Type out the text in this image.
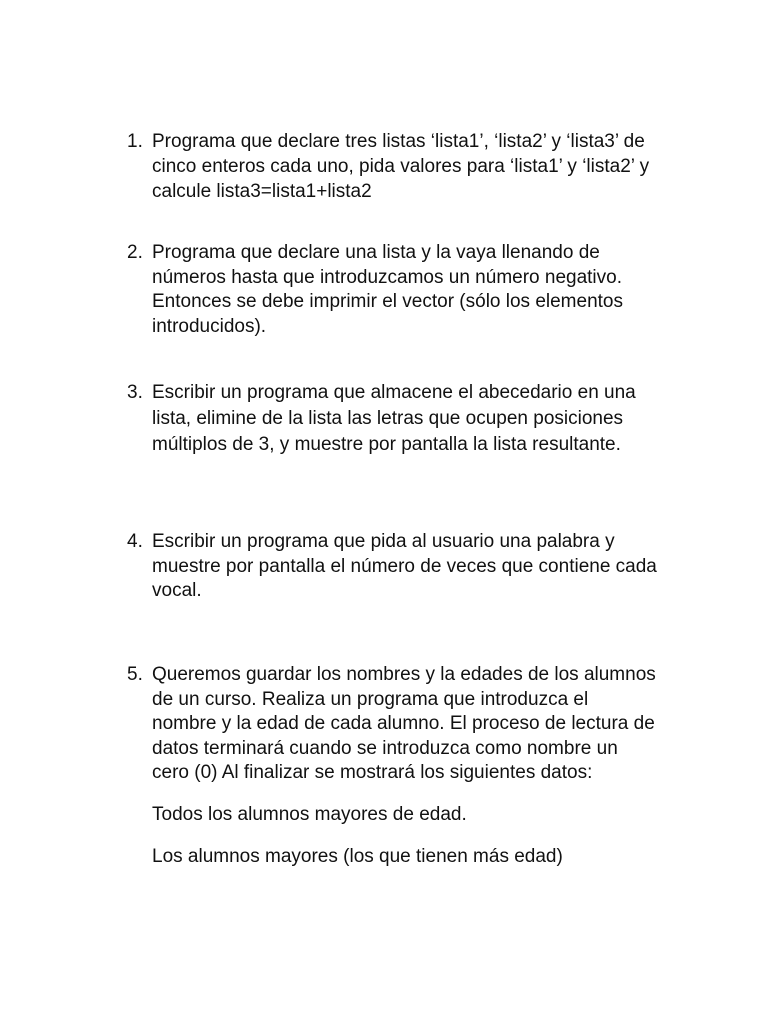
1. Programa que declare tres listas ‘lista1’, ‘lista2’ y ‘lista3’ de cinco enteros cada uno, pida valores para ‘lista1’ y ‘lista2’ y calcule lista3=lista1+lista2

2. Programa que declare una lista y la vaya llenando de números hasta que introduzcamos un número negativo. Entonces se debe imprimir el vector (sólo los elementos introducidos).

3. Escribir un programa que almacene el abecedario en una lista, elimine de la lista las letras que ocupen posiciones múltiplos de 3, y muestre por pantalla la lista resultante.

4. Escribir un programa que pida al usuario una palabra y muestre por pantalla el número de veces que contiene cada vocal.

5. Queremos guardar los nombres y la edades de los alumnos de un curso. Realiza un programa que introduzca el nombre y la edad de cada alumno. El proceso de lectura de datos terminará cuando se introduzca como nombre un cero (0) Al finalizar se mostrará los siguientes datos:

Todos los alumnos mayores de edad.

Los alumnos mayores (los que tienen más edad)
